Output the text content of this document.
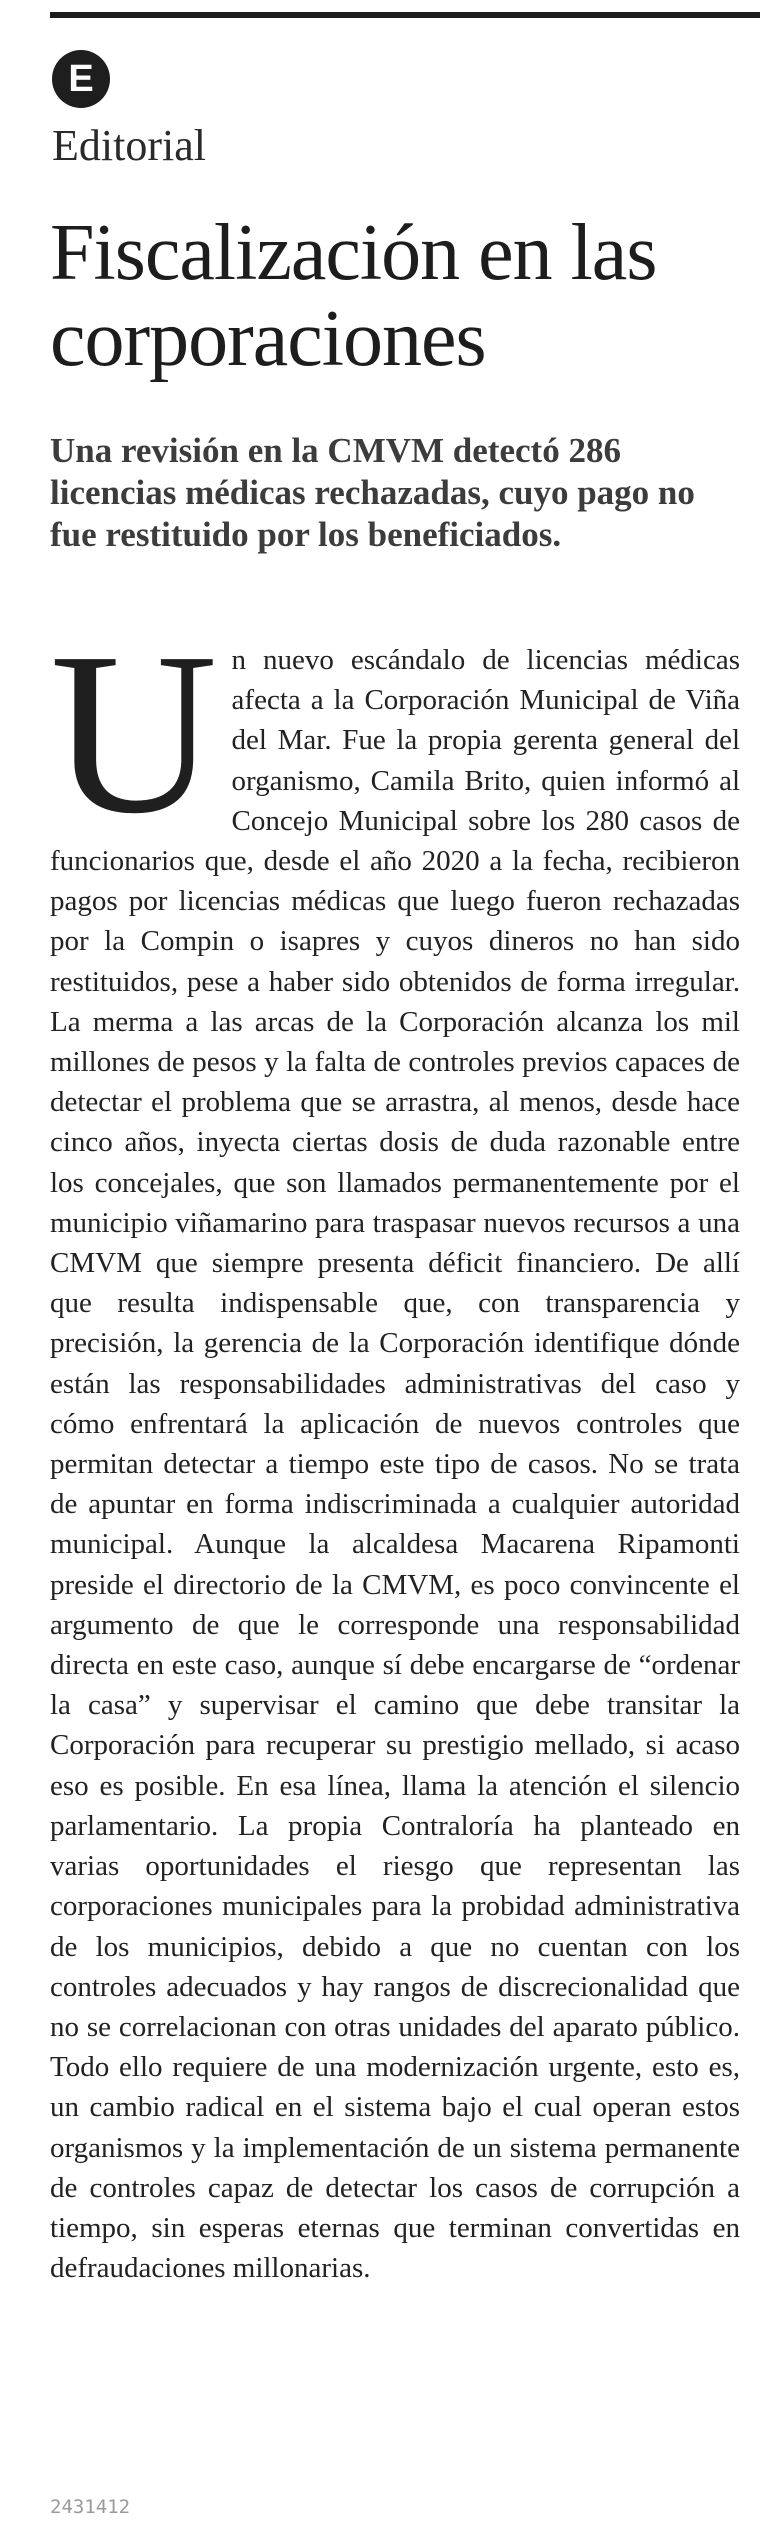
E
Editorial
Fiscalización en las corporaciones

Una revisión en la CMVM detectó 286 licencias médicas rechazadas, cuyo pago no fue restituido por los beneficiados.

U n nuevo escándalo de licencias médicas afecta a la Corporación Municipal de Viña del Mar. Fue la propia gerenta general del organismo, Camila Brito, quien informó al Concejo Municipal sobre los 280 casos de funcionarios que, desde el año 2020 a la fecha, recibieron pagos por licencias médicas que luego fueron rechazadas por la Compin o isapres y cuyos dineros no han sido restituidos, pese a haber sido obtenidos de forma irregular. La merma a las arcas de la Corporación alcanza los mil millones de pesos y la falta de controles previos capaces de detectar el problema que se arrastra, al menos, desde hace cinco años, inyecta ciertas dosis de duda razonable entre los concejales, que son llamados permanentemente por el municipio viñamarino para traspasar nuevos recursos a una CMVM que siempre presenta déficit financiero. De allí que resulta indispensable que, con transparencia y precisión, la gerencia de la Corporación identifique dónde están las responsabilidades administrativas del caso y cómo enfrentará la aplicación de nuevos controles que permitan detectar a tiempo este tipo de casos. No se trata de apuntar en forma indiscriminada a cualquier autoridad municipal. Aunque la alcaldesa Macarena Ripamonti preside el directorio de la CMVM, es poco convincente el argumento de que le corresponde una responsabilidad directa en este caso, aunque sí debe encargarse de “ordenar la casa” y supervisar el camino que debe transitar la Corporación para recuperar su prestigio mellado, si acaso eso es posible. En esa línea, llama la atención el silencio parlamentario. La propia Contraloría ha planteado en varias oportunidades el riesgo que representan las corporaciones municipales para la probidad administrativa de los municipios, debido a que no cuentan con los controles adecuados y hay rangos de discrecionalidad que no se correlacionan con otras unidades del aparato público. Todo ello requiere de una modernización urgente, esto es, un cambio radical en el sistema bajo el cual operan estos organismos y la implementación de un sistema permanente de controles capaz de detectar los casos de corrupción a tiempo, sin esperas eternas que terminan convertidas en defraudaciones millonarias.
2431412
